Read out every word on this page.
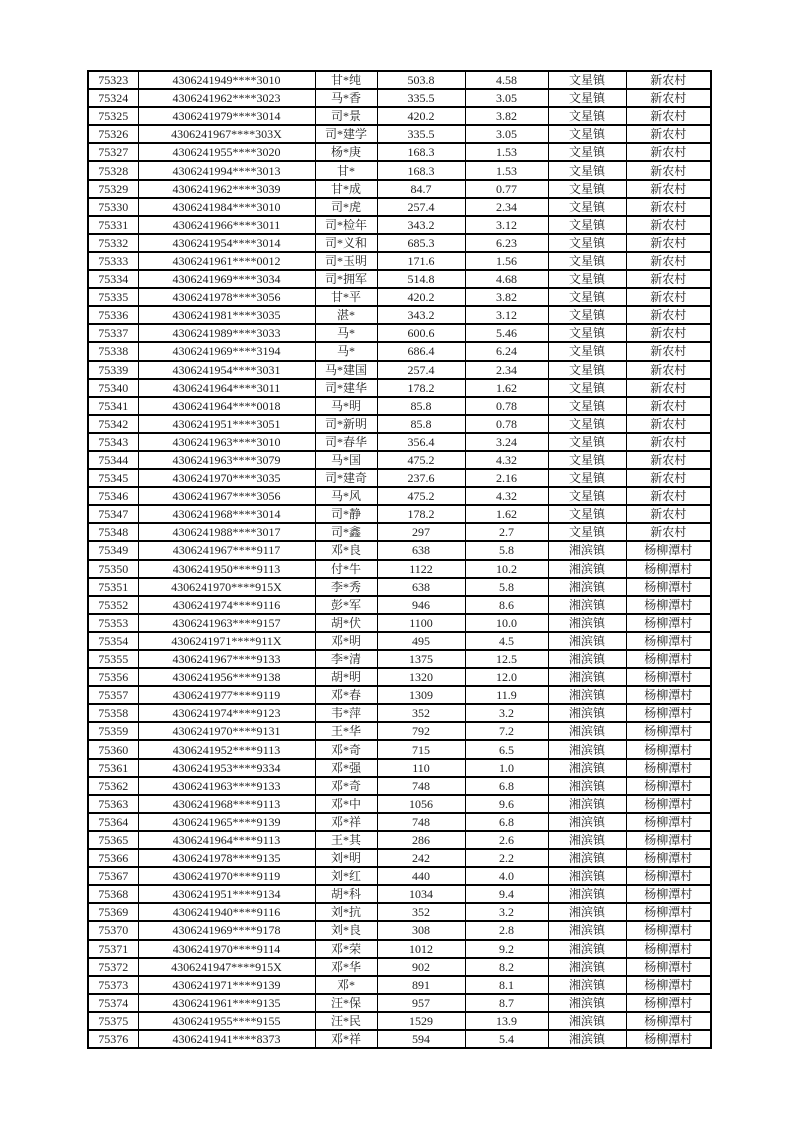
75323	4306241949****3010	甘*纯	503.8	4.58	文星镇	新农村
75324	4306241962****3023	马*香	335.5	3.05	文星镇	新农村
75325	4306241979****3014	司*景	420.2	3.82	文星镇	新农村
75326	4306241967****303X	司*建学	335.5	3.05	文星镇	新农村
75327	4306241955****3020	杨*庚	168.3	1.53	文星镇	新农村
75328	4306241994****3013	甘*	168.3	1.53	文星镇	新农村
75329	4306241962****3039	甘*成	84.7	0.77	文星镇	新农村
75330	4306241984****3010	司*虎	257.4	2.34	文星镇	新农村
75331	4306241966****3011	司*检年	343.2	3.12	文星镇	新农村
75332	4306241954****3014	司*义和	685.3	6.23	文星镇	新农村
75333	4306241961****0012	司*玉明	171.6	1.56	文星镇	新农村
75334	4306241969****3034	司*拥军	514.8	4.68	文星镇	新农村
75335	4306241978****3056	甘*平	420.2	3.82	文星镇	新农村
75336	4306241981****3035	湛*	343.2	3.12	文星镇	新农村
75337	4306241989****3033	马*	600.6	5.46	文星镇	新农村
75338	4306241969****3194	马*	686.4	6.24	文星镇	新农村
75339	4306241954****3031	马*建国	257.4	2.34	文星镇	新农村
75340	4306241964****3011	司*建华	178.2	1.62	文星镇	新农村
75341	4306241964****0018	马*明	85.8	0.78	文星镇	新农村
75342	4306241951****3051	司*新明	85.8	0.78	文星镇	新农村
75343	4306241963****3010	司*春华	356.4	3.24	文星镇	新农村
75344	4306241963****3079	马*国	475.2	4.32	文星镇	新农村
75345	4306241970****3035	司*建奇	237.6	2.16	文星镇	新农村
75346	4306241967****3056	马*风	475.2	4.32	文星镇	新农村
75347	4306241968****3014	司*静	178.2	1.62	文星镇	新农村
75348	4306241988****3017	司*鑫	297	2.7	文星镇	新农村
75349	4306241967****9117	邓*良	638	5.8	湘滨镇	杨柳潭村
75350	4306241950****9113	付*牛	1122	10.2	湘滨镇	杨柳潭村
75351	4306241970****915X	李*秀	638	5.8	湘滨镇	杨柳潭村
75352	4306241974****9116	彭*军	946	8.6	湘滨镇	杨柳潭村
75353	4306241963****9157	胡*伏	1100	10.0	湘滨镇	杨柳潭村
75354	4306241971****911X	邓*明	495	4.5	湘滨镇	杨柳潭村
75355	4306241967****9133	李*清	1375	12.5	湘滨镇	杨柳潭村
75356	4306241956****9138	胡*明	1320	12.0	湘滨镇	杨柳潭村
75357	4306241977****9119	邓*春	1309	11.9	湘滨镇	杨柳潭村
75358	4306241974****9123	韦*萍	352	3.2	湘滨镇	杨柳潭村
75359	4306241970****9131	王*华	792	7.2	湘滨镇	杨柳潭村
75360	4306241952****9113	邓*奇	715	6.5	湘滨镇	杨柳潭村
75361	4306241953****9334	邓*强	110	1.0	湘滨镇	杨柳潭村
75362	4306241963****9133	邓*奇	748	6.8	湘滨镇	杨柳潭村
75363	4306241968****9113	邓*中	1056	9.6	湘滨镇	杨柳潭村
75364	4306241965****9139	邓*祥	748	6.8	湘滨镇	杨柳潭村
75365	4306241964****9113	王*其	286	2.6	湘滨镇	杨柳潭村
75366	4306241978****9135	刘*明	242	2.2	湘滨镇	杨柳潭村
75367	4306241970****9119	刘*红	440	4.0	湘滨镇	杨柳潭村
75368	4306241951****9134	胡*科	1034	9.4	湘滨镇	杨柳潭村
75369	4306241940****9116	刘*抗	352	3.2	湘滨镇	杨柳潭村
75370	4306241969****9178	刘*良	308	2.8	湘滨镇	杨柳潭村
75371	4306241970****9114	邓*荣	1012	9.2	湘滨镇	杨柳潭村
75372	4306241947****915X	邓*华	902	8.2	湘滨镇	杨柳潭村
75373	4306241971****9139	邓*	891	8.1	湘滨镇	杨柳潭村
75374	4306241961****9135	汪*保	957	8.7	湘滨镇	杨柳潭村
75375	4306241955****9155	汪*民	1529	13.9	湘滨镇	杨柳潭村
75376	4306241941****8373	邓*祥	594	5.4	湘滨镇	杨柳潭村
